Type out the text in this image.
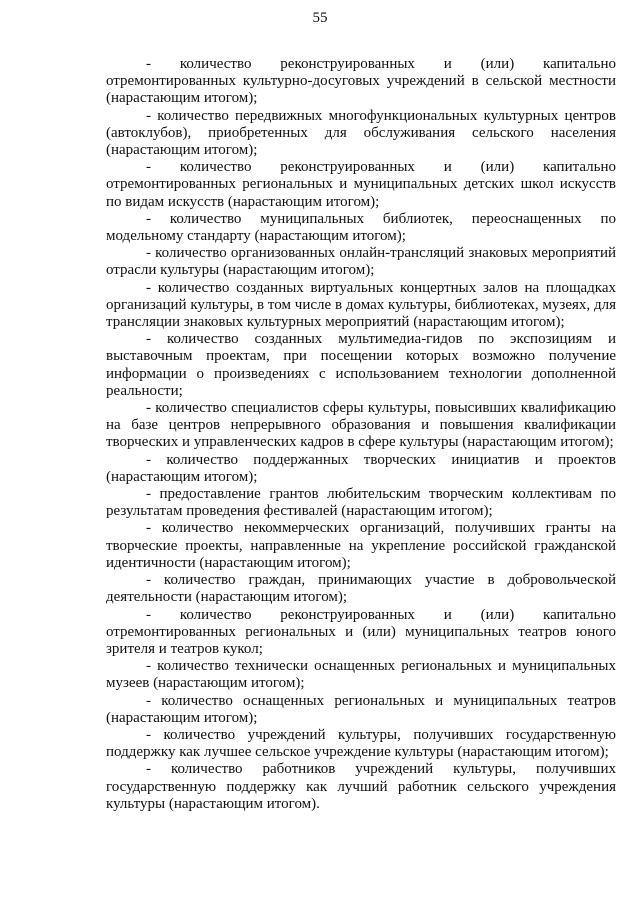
55

- количество реконструированных и (или) капитально отремонтированных культурно-досуговых учреждений в сельской местности (нарастающим итогом);

- количество передвижных многофункциональных культурных центров (автоклубов), приобретенных для обслуживания сельского населения (нарастающим итогом);

- количество реконструированных и (или) капитально отремонтированных региональных и муниципальных детских школ искусств по видам искусств (нарастающим итогом);

- количество муниципальных библиотек, переоснащенных по модельному стандарту (нарастающим итогом);

- количество организованных онлайн-трансляций знаковых мероприятий отрасли культуры (нарастающим итогом);

- количество созданных виртуальных концертных залов на площадках организаций культуры, в том числе в домах культуры, библиотеках, музеях, для трансляции знаковых культурных мероприятий (нарастающим итогом);

- количество созданных мультимедиа-гидов по экспозициям и выставочным проектам, при посещении которых возможно получение информации о произведениях с использованием технологии дополненной реальности;

- количество специалистов сферы культуры, повысивших квалификацию на базе центров непрерывного образования и повышения квалификации творческих и управленческих кадров в сфере культуры (нарастающим итогом);

- количество поддержанных творческих инициатив и проектов (нарастающим итогом);

- предоставление грантов любительским творческим коллективам по результатам проведения фестивалей (нарастающим итогом);

- количество некоммерческих организаций, получивших гранты на творческие проекты, направленные на укрепление российской гражданской идентичности (нарастающим итогом);

- количество граждан, принимающих участие в добровольческой деятельности (нарастающим итогом);

- количество реконструированных и (или) капитально отремонтированных региональных и (или) муниципальных театров юного зрителя и театров кукол;

- количество технически оснащенных региональных и муниципальных музеев (нарастающим итогом);

- количество оснащенных региональных и муниципальных театров (нарастающим итогом);

- количество учреждений культуры, получивших государственную поддержку как лучшее сельское учреждение культуры (нарастающим итогом);

- количество работников учреждений культуры, получивших государственную поддержку как лучший работник сельского учреждения культуры (нарастающим итогом).
